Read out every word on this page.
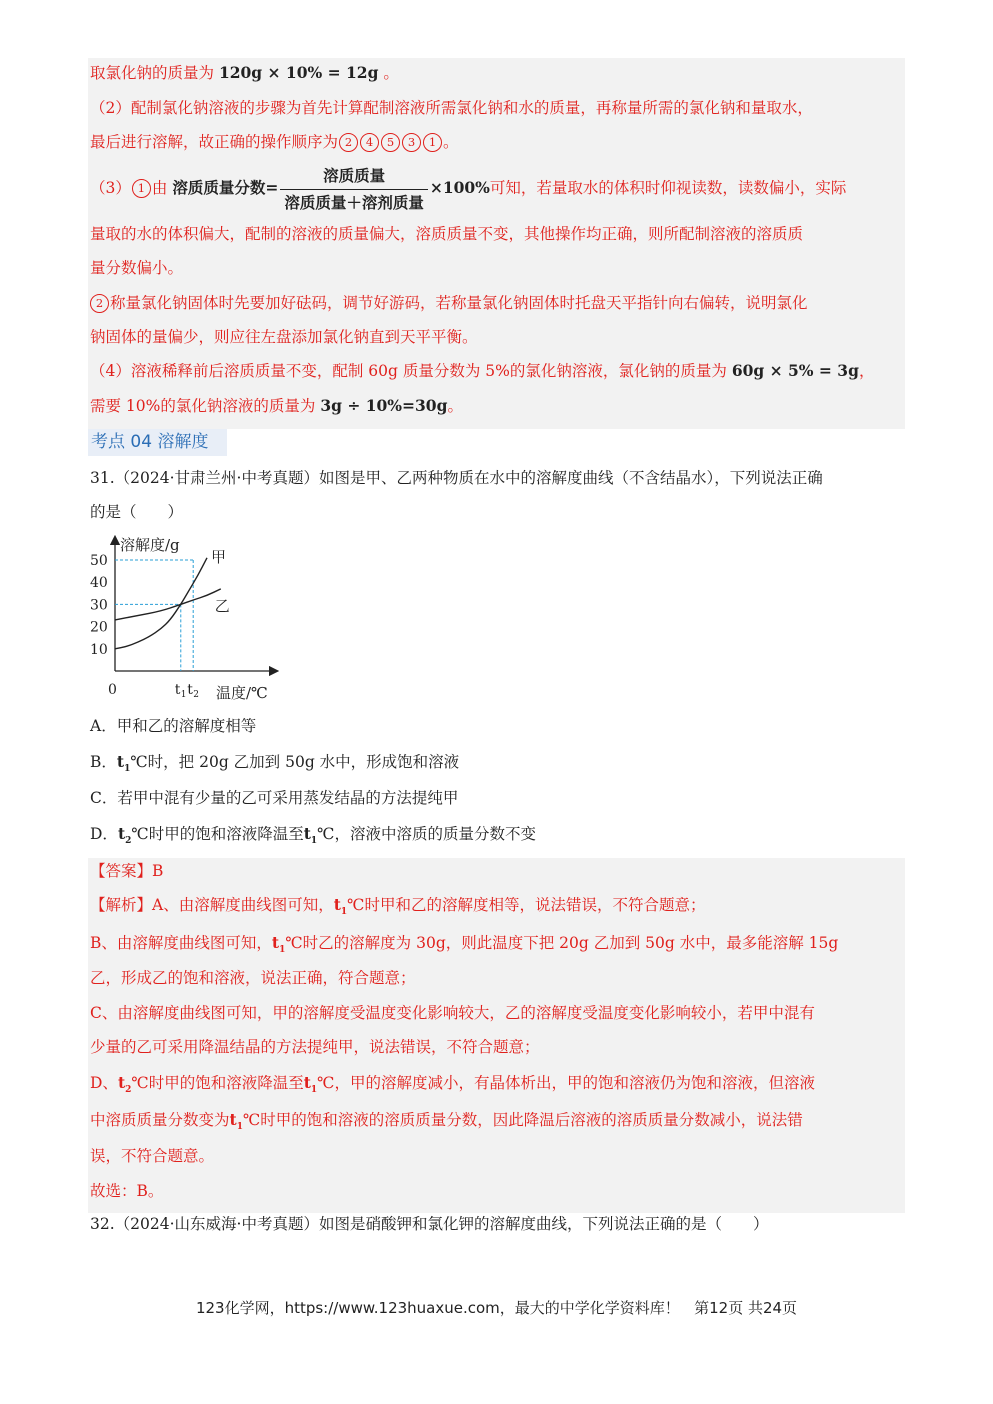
取氯化钠的质量为 120g × 10% = 12g 。
（2）配制氯化钠溶液的步骤为首先计算配制溶液所需氯化钠和水的质量，再称量所需的氯化钠和量取水，
最后进行溶解，故正确的操作顺序为 2 4 5 3 1 。
（3） 1 由 溶质质量分数= $\frac{\text{溶质质量}}{\text{溶质质量＋溶剂质量}} \times 100\%$可知，若量取水的体积时仰视读数，读数偏小，实际
量取的水的体积偏大，配制的溶液的质量偏大，溶质质量不变，其他操作均正确，则所配制溶液的溶质质
量分数偏小。
2 称量氯化钠固体时先要加好砝码，调节好游码，若称量氯化钠固体时托盘天平指针向右偏转，说明氯化
钠固体的量偏少，则应往左盘添加氯化钠直到天平平衡。
（4）溶液稀释前后溶质质量不变，配制 60g 质量分数为 5%的氯化钠溶液，氯化钠的质量为 60g × 5% = 3g，
需要 10%的氯化钠溶液的质量为 3g ÷ 10%=30g。
考点 04 溶解度
31.（2024·甘肃兰州·中考真题）如图是甲、乙两种物质在水中的溶解度曲线（不含结晶水），下列说法正确
的是（　　）
溶解度/g
温度/℃
0
10
20
30
40
50
t 1 t 2
甲
乙
A．甲和乙的溶解度相等
B．$t_1℃$时，把 20g 乙加到 50g 水中，形成饱和溶液
C．若甲中混有少量的乙可采用蒸发结晶的方法提纯甲
D．$t_2℃$时甲的饱和溶液降温至$t_1℃$，溶液中溶质的质量分数不变
【答案】B
【解析】A、由溶解度曲线图可知，$t_1℃$时甲和乙的溶解度相等，说法错误，不符合题意；
B、由溶解度曲线图可知，$t_1℃$时乙的溶解度为 30g，则此温度下把 20g 乙加到 50g 水中，最多能溶解 15g
乙，形成乙的饱和溶液，说法正确，符合题意；
C、由溶解度曲线图可知，甲的溶解度受温度变化影响较大，乙的溶解度受温度变化影响较小，若甲中混有
少量的乙可采用降温结晶的方法提纯甲，说法错误，不符合题意；
D、$t_2℃$时甲的饱和溶液降温至$t_1℃$，甲的溶解度减小，有晶体析出，甲的饱和溶液仍为饱和溶液，但溶液
中溶质质量分数变为$t_1℃$时甲的饱和溶液的溶质质量分数，因此降温后溶液的溶质质量分数减小，说法错
误，不符合题意。
故选：B。
32.（2024·山东威海·中考真题）如图是硝酸钾和氯化钾的溶解度曲线，下列说法正确的是（　　）
123化学网，https://www.123huaxue.com，最大的中学化学资料库！ 第12页 共24页
